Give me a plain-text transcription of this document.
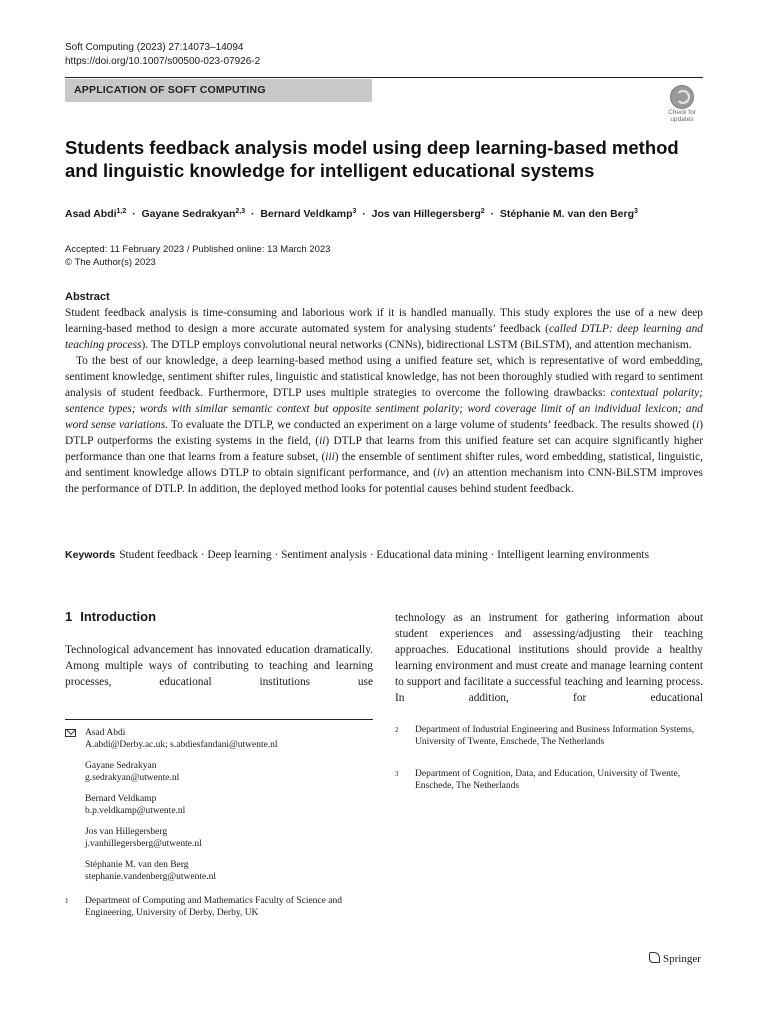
Soft Computing (2023) 27:14073–14094
https://doi.org/10.1007/s00500-023-07926-2
APPLICATION OF SOFT COMPUTING
Check for
updates
Students feedback analysis model using deep learning-based method
and linguistic knowledge for intelligent educational systems
Asad Abdi$^{1,2}$  ·  Gayane Sedrakyan$^{2,3}$  ·  Bernard Veldkamp$^3$  ·  Jos van Hillegersberg$^2$  ·  Stéphanie M. van den Berg$^3$
Accepted: 11 February 2023 / Published online: 13 March 2023
© The Author(s) 2023
Abstract

Student feedback analysis is time-consuming and laborious work if it is handled manually. This study explores the use of a new deep learning-based method to design a more accurate automated system for analysing students’ feedback (called DTLP: deep learning and teaching process). The DTLP employs convolutional neural networks (CNNs), bidirectional LSTM (BiLSTM), and attention mechanism.

To the best of our knowledge, a deep learning-based method using a unified feature set, which is representative of word embedding, sentiment knowledge, sentiment shifter rules, linguistic and statistical knowledge, has not been thoroughly studied with regard to sentiment analysis of student feedback. Furthermore, DTLP uses multiple strategies to overcome the following drawbacks: contextual polarity; sentence types; words with similar semantic context but opposite sentiment polarity; word coverage limit of an individual lexicon; and word sense variations. To evaluate the DTLP, we conducted an experiment on a large volume of students’ feedback. The results showed (i) DTLP outperforms the existing systems in the field, (ii) DTLP that learns from this unified feature set can acquire significantly higher performance than one that learns from a feature subset, (iii) the ensemble of sentiment shifter rules, word embedding, statistical, linguistic, and sentiment knowledge allows DTLP to obtain significant performance, and (iv) an attention mechanism into CNN-BiLSTM improves the performance of DTLP. In addition, the deployed method looks for potential causes behind student feedback.

Keywords Student feedback · Deep learning · Sentiment analysis · Educational data mining · Intelligent learning environments
1 Introduction
Technological advancement has innovated education dramatically. Among multiple ways of contributing to teaching and learning processes, educational institutions use
technology as an instrument for gathering information about student experiences and assessing/adjusting their teaching approaches. Educational institutions should provide a healthy learning environment and must create and manage learning content to support and facilitate a successful teaching and learning process. In addition, for educational
Asad Abdi
A.abdi@Derby.ac.uk; s.abdiesfandani@utwente.nl
Gayane Sedrakyan
g.sedrakyan@utwente.nl
Bernard Veldkamp
b.p.veldkamp@utwente.nl
Jos van Hillegersberg
j.vanhillegersberg@utwente.nl
Stéphanie M. van den Berg
stephanie.vandenberg@utwente.nl
1 Department of Computing and Mathematics Faculty of Science and Engineering, University of Derby, Derby, UK
2 Department of Industrial Engineering and Business Information Systems, University of Twente, Enschede, The Netherlands
3 Department of Cognition, Data, and Education, University of Twente, Enschede, The Netherlands
Springer
